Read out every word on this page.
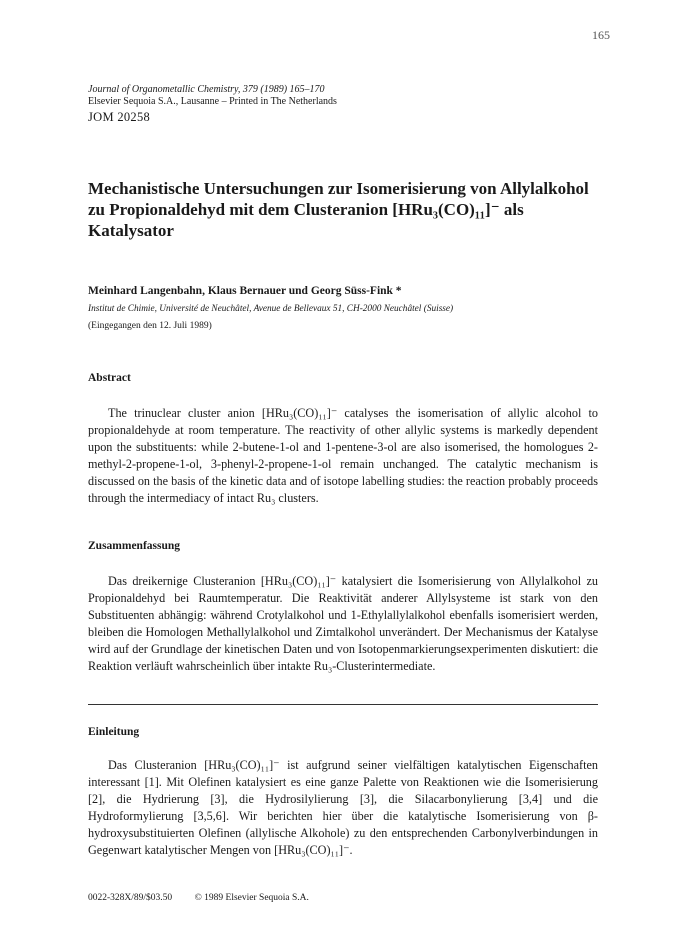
165
Journal of Organometallic Chemistry, 379 (1989) 165–170
Elsevier Sequoia S.A., Lausanne – Printed in The Netherlands
JOM 20258
Mechanistische Untersuchungen zur Isomerisierung von Allylalkohol zu Propionaldehyd mit dem Clusteranion [HRu₃(CO)₁₁]⁻ als Katalysator
Meinhard Langenbahn, Klaus Bernauer und Georg Süss-Fink *
Institut de Chimie, Université de Neuchâtel, Avenue de Bellevaux 51, CH-2000 Neuchâtel (Suisse)
(Eingegangen den 12. Juli 1989)
Abstract
The trinuclear cluster anion [HRu₃(CO)₁₁]⁻ catalyses the isomerisation of allylic alcohol to propionaldehyde at room temperature. The reactivity of other allylic systems is markedly dependent upon the substituents: while 2-butene-1-ol and 1-pentene-3-ol are also isomerised, the homologues 2-methyl-2-propene-1-ol, 3-phenyl-2-propene-1-ol remain unchanged. The catalytic mechanism is discussed on the basis of the kinetic data and of isotope labelling studies: the reaction probably proceeds through the intermediacy of intact Ru₃ clusters.
Zusammenfassung
Das dreikernige Clusteranion [HRu₃(CO)₁₁]⁻ katalysiert die Isomerisierung von Allylalkohol zu Propionaldehyd bei Raumtemperatur. Die Reaktivität anderer Allylsysteme ist stark von den Substituenten abhängig: während Crotylalkohol und 1-Ethylallylalkohol ebenfalls isomerisiert werden, bleiben die Homologen Methallylalkohol und Zimtalkohol unverändert. Der Mechanismus der Katalyse wird auf der Grundlage der kinetischen Daten und von Isotopenmarkierungsexperimenten diskutiert: die Reaktion verläuft wahrscheinlich über intakte Ru₃-Clusterintermediate.
Einleitung
Das Clusteranion [HRu₃(CO)₁₁]⁻ ist aufgrund seiner vielfältigen katalytischen Eigenschaften interessant [1]. Mit Olefinen katalysiert es eine ganze Palette von Reaktionen wie die Isomerisierung [2], die Hydrierung [3], die Hydrosilylierung [3], die Silacarbonylierung [3,4] und die Hydroformylierung [3,5,6]. Wir berichten hier über die katalytische Isomerisierung von β-hydroxysubstituierten Olefinen (allylische Alkohole) zu den entsprechenden Carbonylverbindungen in Gegenwart katalytischer Mengen von [HRu₃(CO)₁₁]⁻.
0022-328X/89/$03.50 © 1989 Elsevier Sequoia S.A.
